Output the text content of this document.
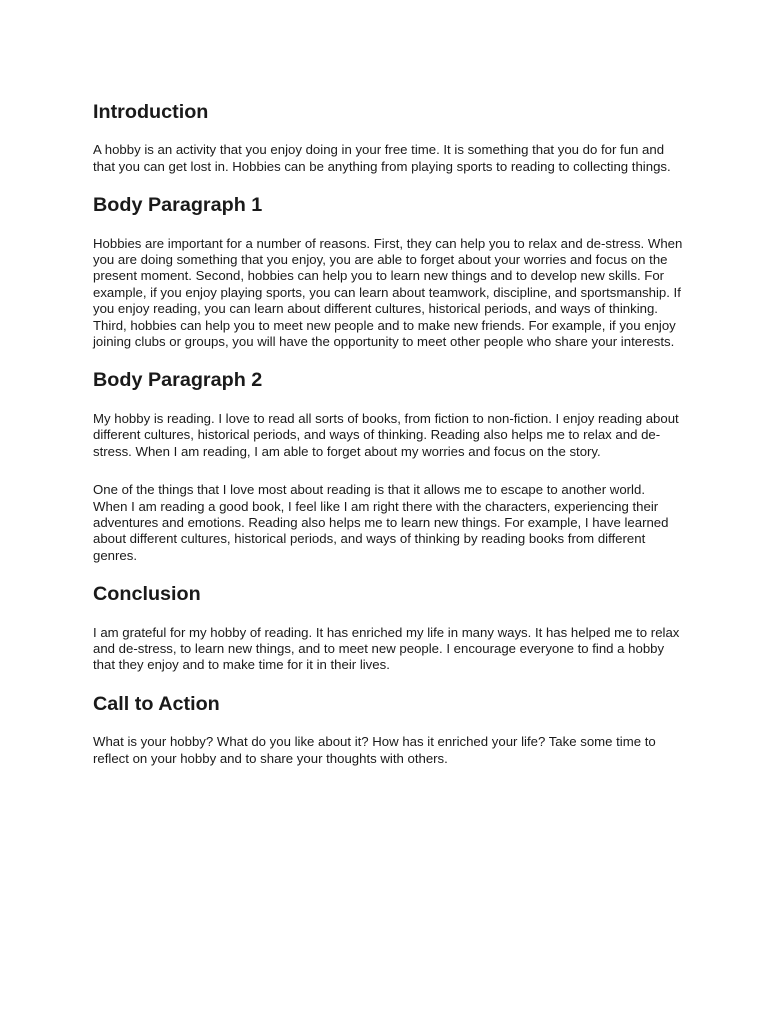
Introduction

A hobby is an activity that you enjoy doing in your free time. It is something that you do for fun and that you can get lost in. Hobbies can be anything from playing sports to reading to collecting things.

Body Paragraph 1

Hobbies are important for a number of reasons. First, they can help you to relax and de-stress. When you are doing something that you enjoy, you are able to forget about your worries and focus on the present moment. Second, hobbies can help you to learn new things and to develop new skills. For example, if you enjoy playing sports, you can learn about teamwork, discipline, and sportsmanship. If you enjoy reading, you can learn about different cultures, historical periods, and ways of thinking. Third, hobbies can help you to meet new people and to make new friends. For example, if you enjoy joining clubs or groups, you will have the opportunity to meet other people who share your interests.

Body Paragraph 2

My hobby is reading. I love to read all sorts of books, from fiction to non-fiction. I enjoy reading about different cultures, historical periods, and ways of thinking. Reading also helps me to relax and de-stress. When I am reading, I am able to forget about my worries and focus on the story.

One of the things that I love most about reading is that it allows me to escape to another world. When I am reading a good book, I feel like I am right there with the characters, experiencing their adventures and emotions. Reading also helps me to learn new things. For example, I have learned about different cultures, historical periods, and ways of thinking by reading books from different genres.

Conclusion

I am grateful for my hobby of reading. It has enriched my life in many ways. It has helped me to relax and de-stress, to learn new things, and to meet new people. I encourage everyone to find a hobby that they enjoy and to make time for it in their lives.

Call to Action

What is your hobby? What do you like about it? How has it enriched your life? Take some time to reflect on your hobby and to share your thoughts with others.
